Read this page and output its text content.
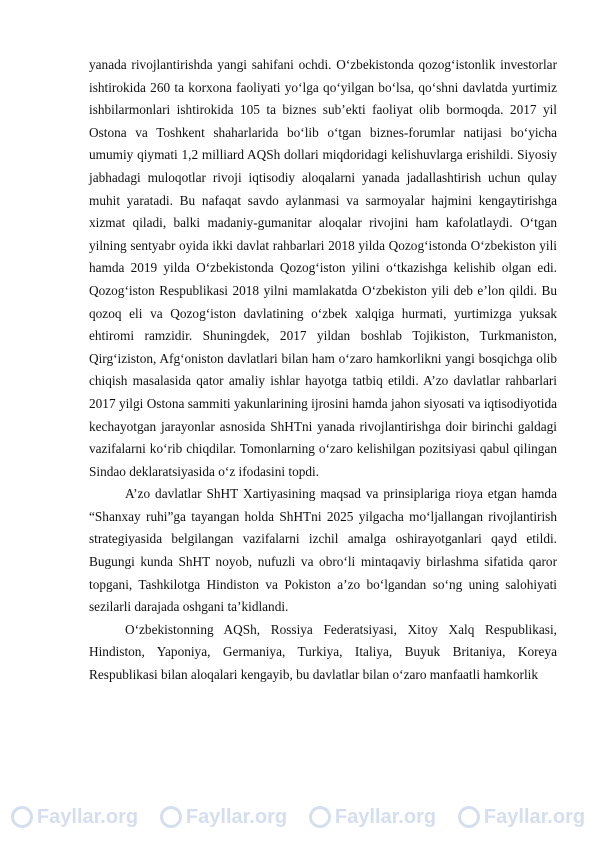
yanada rivojlantirishda yangi sahifani ochdi. O‘zbekistonda qozog‘istonlik investorlar ishtirokida 260 ta korxona faoliyati yo‘lga qo‘yilgan bo‘lsa, qo‘shni davlatda yurtimiz ishbilarmonlari ishtirokida 105 ta biznes sub’ekti faoliyat olib bormoqda. 2017 yil Ostona va Toshkent shaharlarida bo‘lib o‘tgan biznes-forumlar natijasi bo‘yicha umumiy qiymati 1,2 milliard AQSh dollari miqdoridagi kelishuvlarga erishildi. Siyosiy jabhadagi muloqotlar rivoji iqtisodiy aloqalarni yanada jadallashtirish uchun qulay muhit yaratadi. Bu nafaqat savdo aylanmasi va sarmoyalar hajmini kengaytirishga xizmat qiladi, balki madaniy-gumanitar aloqalar rivojini ham kafolatlaydi. O‘tgan yilning sentyabr oyida ikki davlat rahbarlari 2018 yilda Qozog‘istonda O‘zbekiston yili hamda 2019 yilda O‘zbekistonda Qozog‘iston yilini o‘tkazishga kelishib olgan edi. Qozog‘iston Respublikasi 2018 yilni mamlakatda O‘zbekiston yili deb e’lon qildi. Bu qozoq eli va Qozog‘iston davlatining o‘zbek xalqiga hurmati, yurtimizga yuksak ehtiromi ramzidir. Shuningdek, 2017 yildan boshlab Tojikiston, Turkmaniston, Qirg‘iziston, Afg‘oniston davlatlari bilan ham o‘zaro hamkorlikni yangi bosqichga olib chiqish masalasida qator amaliy ishlar hayotga tatbiq etildi. A’zo davlatlar rahbarlari 2017 yilgi Ostona sammiti yakunlarining ijrosini hamda jahon siyosati va iqtisodiyotida kechayotgan jarayonlar asnosida ShHTni yanada rivojlantirishga doir birinchi galdagi vazifalarni ko‘rib chiqdilar. Tomonlarning o‘zaro kelishilgan pozitsiyasi qabul qilingan Sindao deklaratsiyasida o‘z ifodasini topdi.

A’zo davlatlar ShHT Xartiyasining maqsad va prinsiplariga rioya etgan hamda “Shanxay ruhi”ga tayangan holda ShHTni 2025 yilgacha mo‘ljallangan rivojlantirish strategiyasida belgilangan vazifalarni izchil amalga oshirayotganlari qayd etildi. Bugungi kunda ShHT noyob, nufuzli va obro‘li mintaqaviy birlashma sifatida qaror topgani, Tashkilotga Hindiston va Pokiston a’zo bo‘lgandan so‘ng uning salohiyati sezilarli darajada oshgani ta’kidlandi.

O‘zbekistonning AQSh, Rossiya Federatsiyasi, Xitoy Xalq Respublikasi, Hindiston, Yaponiya, Germaniya, Turkiya, Italiya, Buyuk Britaniya, Koreya Respublikasi bilan aloqalari kengayib, bu davlatlar bilan o‘zaro manfaatli hamkorlik

Fayllar.org Fayllar.org Fayllar.org Fayllar.org
